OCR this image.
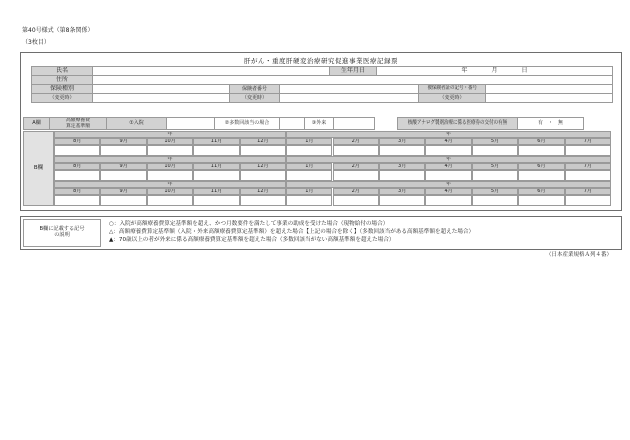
第40号様式（第8条関係）
（3枚目）
肝がん・重度肝硬変治療研究促進事業医療記録票
氏名	生年月日	年　　　　月　　　　日
住所
保険種別	保険者番号	被保険者証の記号・番号
（変更時）	（変更時）	（変更時）
A欄	高額療養費
算定基準額	①入院	②多数回該当の場合	③外来	核酸アナログ製剤治療に係る医療券の交付の有無	有　・　無
B欄
年	年
8月	9月	10月	11月	12月	1月	2月	3月	4月	5月	6月	7月
年	年
8月	9月	10月	11月	12月	1月	2月	3月	4月	5月	6月	7月
年	年
8月	9月	10月	11月	12月	1月	2月	3月	4月	5月	6月	7月
B欄に記載する記号
の説明
○：入院が高額療養費算定基準額を超え、かつ月数要件を満たして事業の助成を受けた場合（現物給付の場合）
△：高額療養費算定基準額（入院・外来高額療養費算定基準額）を超えた場合【上記の場合を除く】（多数回該当がある高額基準額を超えた場合）
▲：70歳以上の者が外来に係る高額療養費算定基準額を超えた場合（多数回該当がない高額基準額を超えた場合）
（日本産業規格Ａ列４番）
